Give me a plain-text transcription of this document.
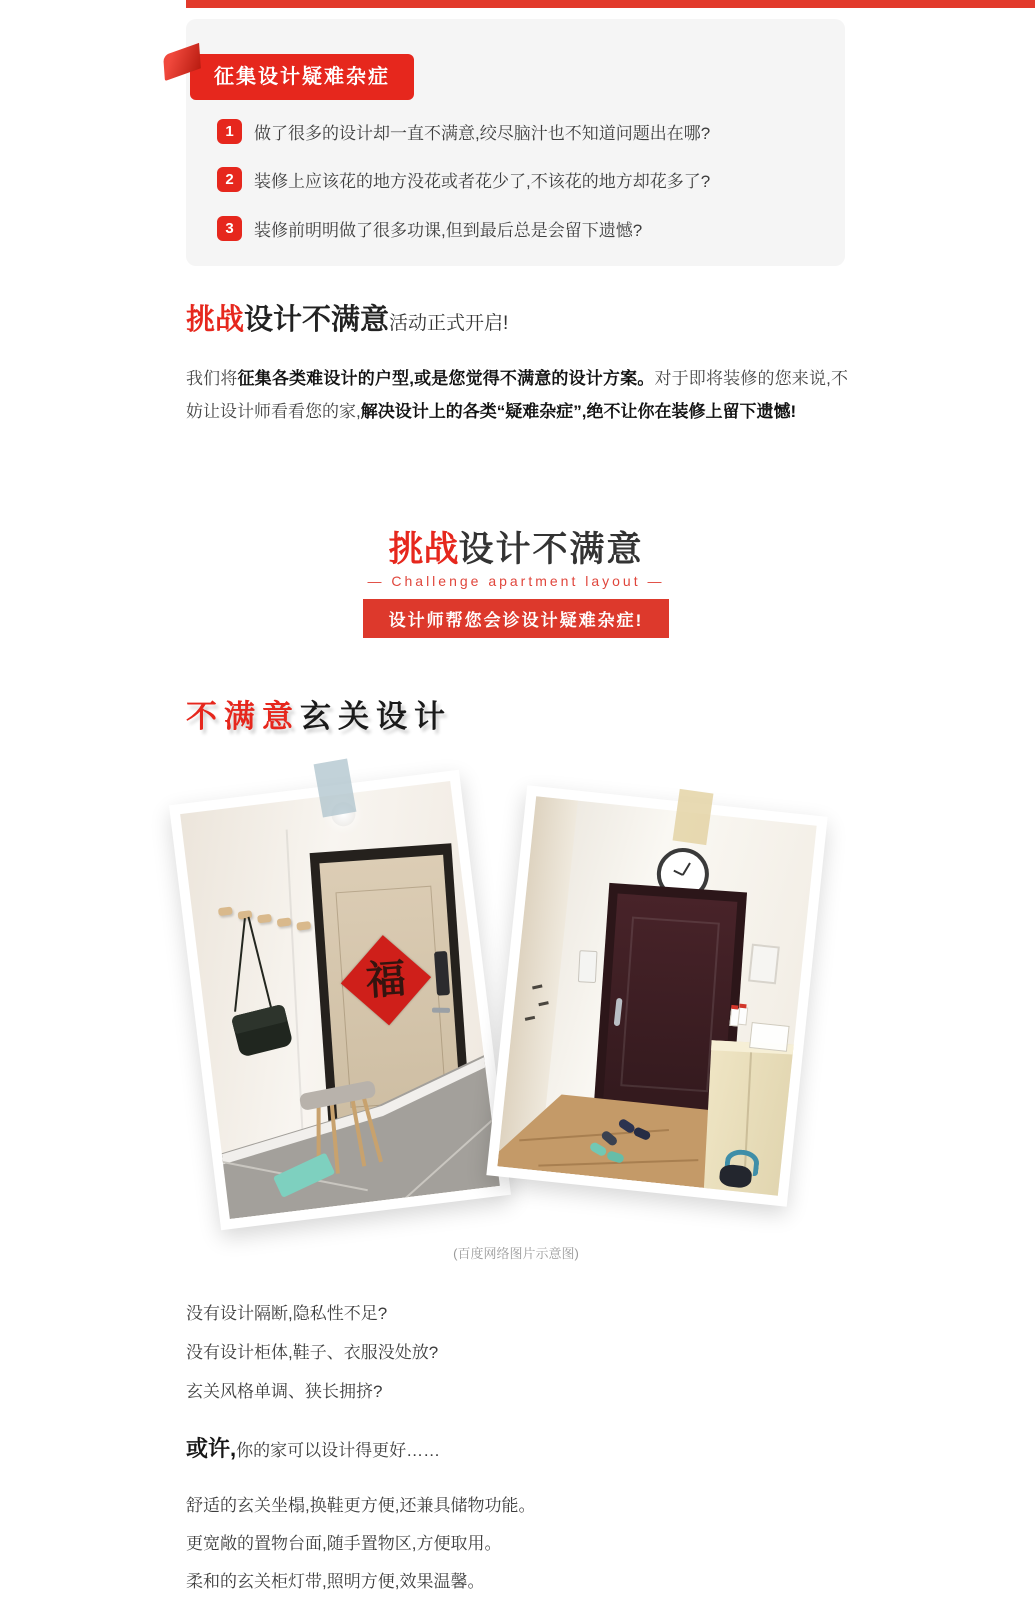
征集设计疑难杂症
1	做了很多的设计却一直不满意,绞尽脑汁也不知道问题出在哪?
2	装修上应该花的地方没花或者花少了,不该花的地方却花多了?
3	装修前明明做了很多功课,但到最后总是会留下遗憾?
挑战设计不满意活动正式开启!

我们将征集各类难设计的户型,或是您觉得不满意的设计方案。对于即将装修的您来说,不妨让设计师看看您的家,解决设计上的各类“疑难杂症”,绝不让你在装修上留下遗憾!

挑战设计不满意
— Challenge apartment layout —
设计师帮您会诊设计疑难杂症!
不满意玄关设计
福
(百度网络图片示意图)
没有设计隔断,隐私性不足?
没有设计柜体,鞋子、衣服没处放?
玄关风格单调、狭长拥挤?
或许,你的家可以设计得更好……
舒适的玄关坐榻,换鞋更方便,还兼具储物功能。
更宽敞的置物台面,随手置物区,方便取用。
柔和的玄关柜灯带,照明方便,效果温馨。
